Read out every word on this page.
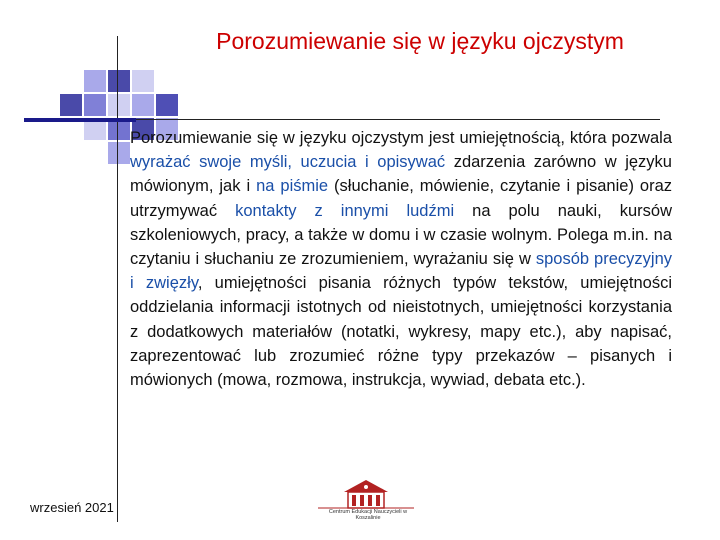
Porozumiewanie się w języku ojczystym
Porozumiewanie się w języku ojczystym jest umiejętnością, która pozwala wyrażać swoje myśli, uczucia i opisywać zdarzenia zarówno w języku mówionym, jak i na piśmie (słuchanie, mówienie, czytanie i pisanie) oraz utrzymywać kontakty z innymi ludźmi na polu nauki, kursów szkoleniowych, pracy, a także w domu i w czasie wolnym. Polega m.in. na czytaniu i słuchaniu ze zrozumieniem, wyrażaniu się w sposób precyzyjny i zwięzły, umiejętności pisania różnych typów tekstów, umiejętności oddzielania informacji istotnych od nieistotnych, umiejętności korzystania z dodatkowych materiałów (notatki, wykresy, mapy etc.), aby napisać, zaprezentować lub zrozumieć różne typy przekazów – pisanych i mówionych (mowa, rozmowa, instrukcja, wywiad, debata etc.).
wrzesień 2021	Centrum Edukacji Nauczycieli w Koszalinie
